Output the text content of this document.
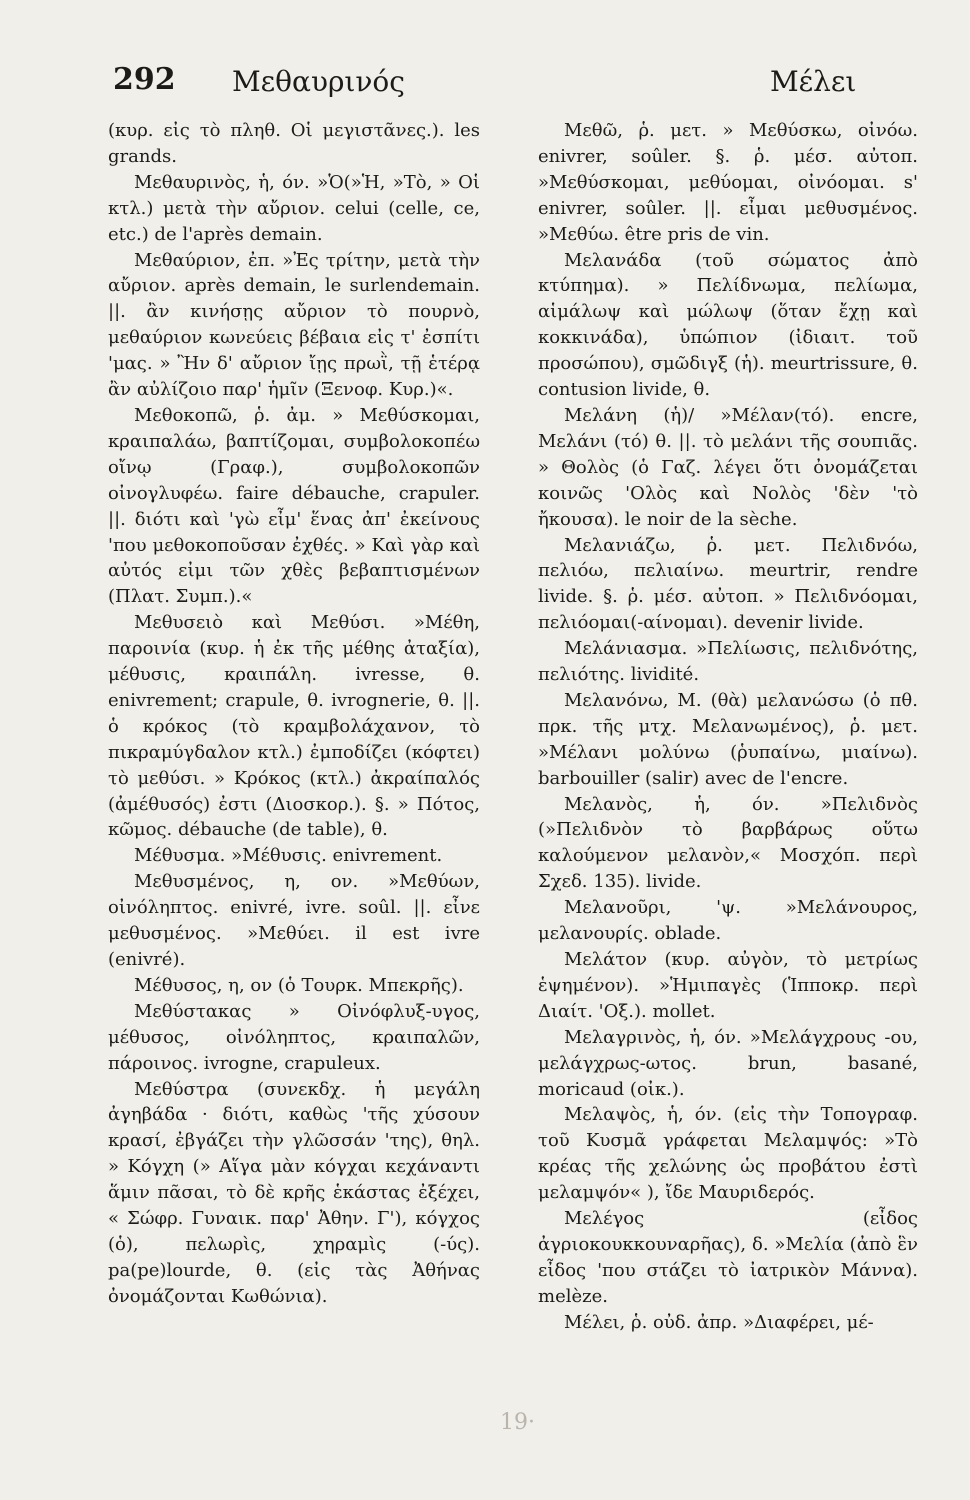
292 Μεθαυρινός	Μέλει

(κυρ. εἰς τὸ πληθ. Οἱ μεγιστᾶνες.). les grands.

Μεθαυρινὸς, ἡ, όν. »Ὁ(»Ἡ, »Τὸ, » Οἱ κτλ.) μετὰ τὴν αὔριον. celui (celle, ce, etc.) de l'après demain.

Μεθαύριον, ἐπ. »Ἐς τρίτην, μετὰ τὴν αὔριον. après demain, le surlendemain. ||. ἂν κινήσῃς αὔριον τὸ πουρνὸ, μεθαύριον κωνεύεις βέβαια εἰς τ' ἐσπίτι 'μας. » Ἢν δ' αὔριον ἴῃς πρωῒ, τῇ ἑτέρᾳ ἂν αὐλίζοιο παρ' ἡμῖν (Ξενοφ. Κυρ.)«.

Μεθοκοπῶ, ῥ. ἀμ. » Μεθύσκομαι, κραιπαλάω, βαπτίζομαι, συμβολοκοπέω οἴνῳ (Γραφ.), συμβολοκοπῶν οἰνογλυφέω. faire débauche, crapuler. ||. διότι καὶ 'γὼ εἶμ' ἕνας ἀπ' ἐκείνους 'που μεθοκοποῦσαν ἐχθές. » Καὶ γὰρ καὶ αὐτός εἰμι τῶν χθὲς βεβαπτισμένων (Πλατ. Συμπ.).«

Μεθυσειὸ καὶ Μεθύσι. »Μέθη, παροινία (κυρ. ἡ ἐκ τῆς μέθης ἀταξία), μέθυσις, κραιπάλη. ivresse, θ. enivrement; crapule, θ. ivrognerie, θ. ||. ὁ κρόκος (τὸ κραμβολάχανον, τὸ πικραμύγδαλον κτλ.) ἐμποδίζει (κόφτει) τὸ μεθύσι. » Κρόκος (κτλ.) ἀκραίπαλός (ἀμέθυσός) ἐστι (Διοσκορ.). §. » Πότος, κῶμος. débauche (de table), θ.

Μέθυσμα. »Μέθυσις. enivrement.

Μεθυσμένος, η, ον. »Μεθύων, οἰνόληπτος. enivré, ivre. soûl. ||. εἶνε μεθυσμένος. »Μεθύει. il est ivre (enivré).

Μέθυσος, η, ον (ὁ Τουρκ. Μπεκρῆς).

Μεθύστακας » Οἰνόφλυξ-υγος, μέθυσος, οἰνόληπτος, κραιπαλῶν, πάροινος. ivrogne, crapuleux.

Μεθύστρα (συνεκδχ. ἡ μεγάλη ἀγηβάδα · διότι, καθὼς 'τῆς χύσουν κρασί, ἐβγάζει τὴν γλῶσσάν 'της), θηλ. » Κόγχη (» Αἵγα μὰν κόγχαι κεχάναντι ἅμιν πᾶσαι, τὸ δὲ κρῆς ἑκάστας ἐξέχει, « Σώφρ. Γυναικ. παρ' Ἀθην. Γ'), κόγχος (ὁ), πελωρὶς, χηραμὶς (-ύς). pa(pe)lourde, θ. (εἰς τὰς Ἀθήνας ὀνομάζονται Κωθώνια).

Μεθῶ, ῥ. μετ. » Μεθύσκω, οἰνόω. enivrer, soûler. §. ῥ. μέσ. αὐτοπ. »Μεθύσκομαι, μεθύομαι, οἰνόομαι. s' enivrer, soûler. ||. εἶμαι μεθυσμένος. »Μεθύω. être pris de vin.

Μελανάδα (τοῦ σώματος ἀπὸ κτύπημα). » Πελίδνωμα, πελίωμα, αἱμάλωψ καὶ μώλωψ (ὅταν ἔχῃ καὶ κοκκινάδα), ὑπώπιον (ἰδιαιτ. τοῦ προσώπου), σμῶδιγξ (ἡ). meurtrissure, θ. contusion livide, θ.

Μελάνη (ἡ)/ »Μέλαν(τό). encre, Μελάνι (τό) θ. ||. τὸ μελάνι τῆς σουπιᾶς. » Θολὸς (ὁ Γαζ. λέγει ὅτι ὀνομάζεται κοινῶς 'Ολὸς καὶ Νολὸς 'δὲν 'τὸ ἤκουσα). le noir de la sèche.

Μελανιάζω, ῥ. μετ. Πελιδνόω, πελιόω, πελιαίνω. meurtrir, rendre livide. §. ῥ. μέσ. αὐτοπ. » Πελιδνόομαι, πελιόομαι(-αίνομαι). devenir livide.

Μελάνιασμα. »Πελίωσις, πελιδνότης, πελιότης. lividité.

Μελανόνω, Μ. (θὰ) μελανώσω (ὁ πθ. πρκ. τῆς μτχ. Μελανωμένος), ῥ. μετ. »Μέλανι μολύνω (ῥυπαίνω, μιαίνω). barbouiller (salir) avec de l'encre.

Μελανὸς, ἡ, όν. »Πελιδνὸς (»Πελιδνὸν τὸ βαρβάρως οὕτω καλούμενον μελανὸν,« Μοσχόπ. περὶ Σχεδ. 135). livide.

Μελανοῦρι, 'ψ. »Μελάνουρος, μελανουρίς. oblade.

Μελάτον (κυρ. αὐγὸν, τὸ μετρίως ἑψημένον). »Ἡμιπαγὲς (Ἱπποκρ. περὶ Διαίτ. 'Οξ.). mollet.

Μελαγρινὸς, ἡ, όν. »Μελάγχρους -ου, μελάγχρως-ωτος. brun, basané, moricaud (οἰκ.).

Μελαψὸς, ἡ, όν. (εἰς τὴν Τοπογραφ. τοῦ Κυσμᾶ γράφεται Μελαμψός: »Τὸ κρέας τῆς χελώνης ὡς προβάτου ἐστὶ μελαμψόν« ), ἴδε Μαυριδερός.

Μελέγος (εἶδος ἀγριοκουκκουναρῆας), δ. »Μελία (ἀπὸ ἓν εἶδος 'που στάζει τὸ ἰατρικὸν Μάννα). melèze.

Μέλει, ῥ. οὐδ. ἀπρ. »Διαφέρει, μέ-

19·
